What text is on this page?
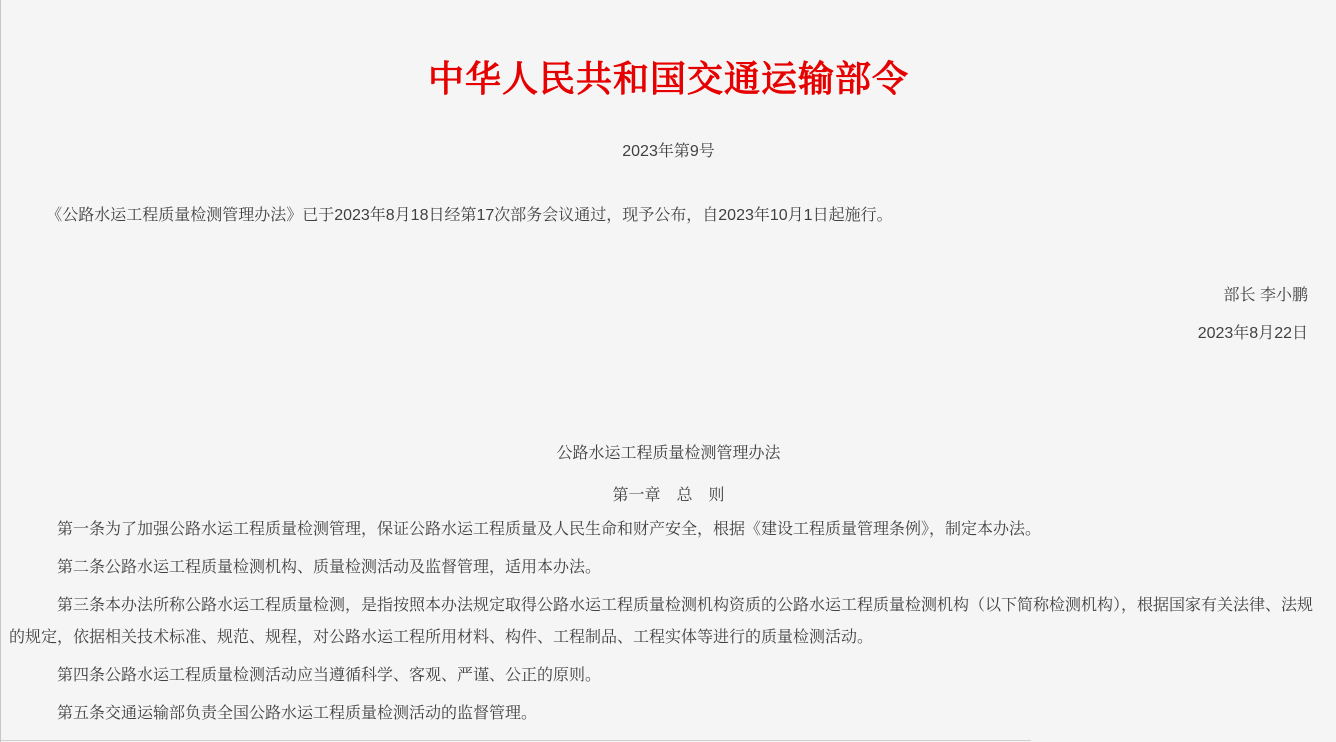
中华人民共和国交通运输部令
2023年第9号

《公路水运工程质量检测管理办法》已于2023年8月18日经第17次部务会议通过，现予公布，自2023年10月1日起施行。

部长 李小鹏
2023年8月22日
公路水运工程质量检测管理办法
第一章　总　则

第一条为了加强公路水运工程质量检测管理，保证公路水运工程质量及人民生命和财产安全，根据《建设工程质量管理条例》，制定本办法。

第二条公路水运工程质量检测机构、质量检测活动及监督管理，适用本办法。

第三条本办法所称公路水运工程质量检测，是指按照本办法规定取得公路水运工程质量检测机构资质的公路水运工程质量检测机构（以下简称检测机构），根据国家有关法律、法规的规定，依据相关技术标准、规范、规程，对公路水运工程所用材料、构件、工程制品、工程实体等进行的质量检测活动。

第四条公路水运工程质量检测活动应当遵循科学、客观、严谨、公正的原则。

第五条交通运输部负责全国公路水运工程质量检测活动的监督管理。
